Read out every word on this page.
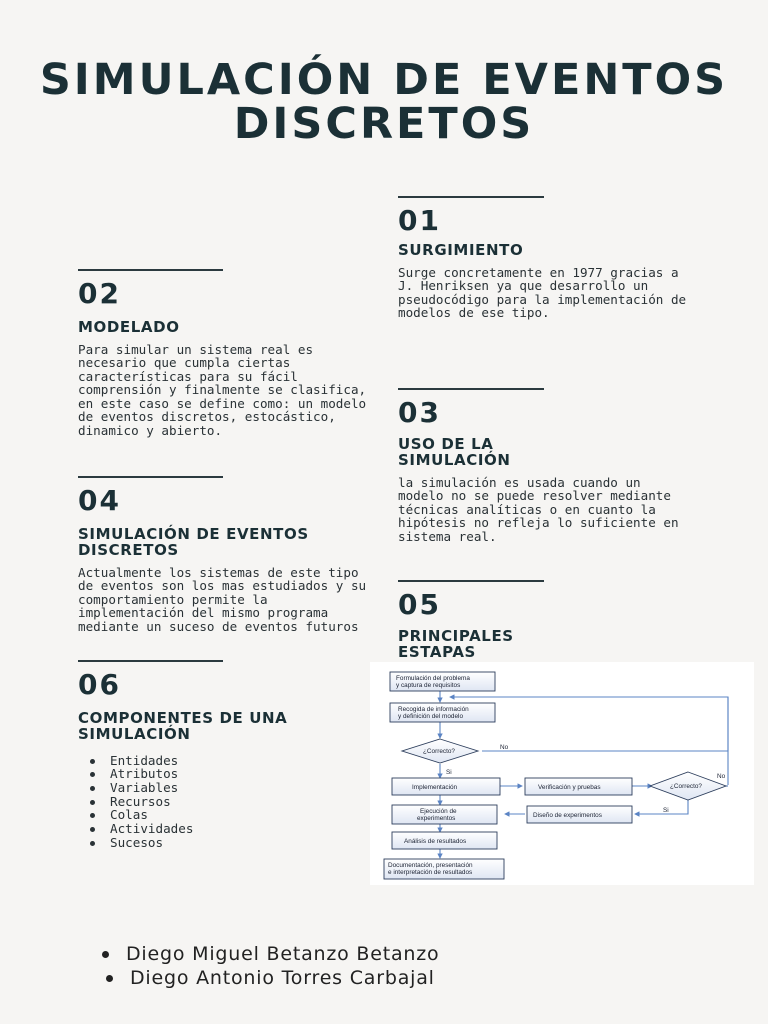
SIMULACIÓN DE EVENTOS DISCRETOS
01
SURGIMIENTO
Surge concretamente en 1977 gracias a J. Henriksen ya que desarrollo un pseudocódigo para la implementación de modelos de ese tipo.
02
MODELADO
Para simular un sistema real es necesario que cumpla ciertas características para su fácil comprensión y finalmente se clasifica, en este caso se define como: un modelo de eventos discretos, estocástico, dinamico y abierto.
03
USO DE LA SIMULACIÓN
la simulación es usada cuando un modelo no se puede resolver mediante técnicas analíticas o en cuanto la hipótesis no refleja lo suficiente en sistema real.
04
SIMULACIÓN DE EVENTOS DISCRETOS
Actualmente los sistemas de este tipo de eventos son los mas estudiados y su comportamiento permite la implementación del mismo programa mediante un suceso de eventos futuros
05
PRINCIPALES ESTAPAS
06
COMPONENTES DE UNA SIMULACIÓN
Entidades
Atributos
Variables
Recursos
Colas
Actividades
Sucesos
Formulación del problema
y captura de requisitos
Recogida de información
y definición del modelo
¿Correcto?
No
Si
Implementación	Verificación y pruebas	¿Correcto?
No
Si
Ejecución de
experimentos	Diseño de experimentos
Análisis de resultados
Documentación, presentación
e interpretación de resultados
Diego Miguel Betanzo Betanzo
Diego Antonio Torres Carbajal
